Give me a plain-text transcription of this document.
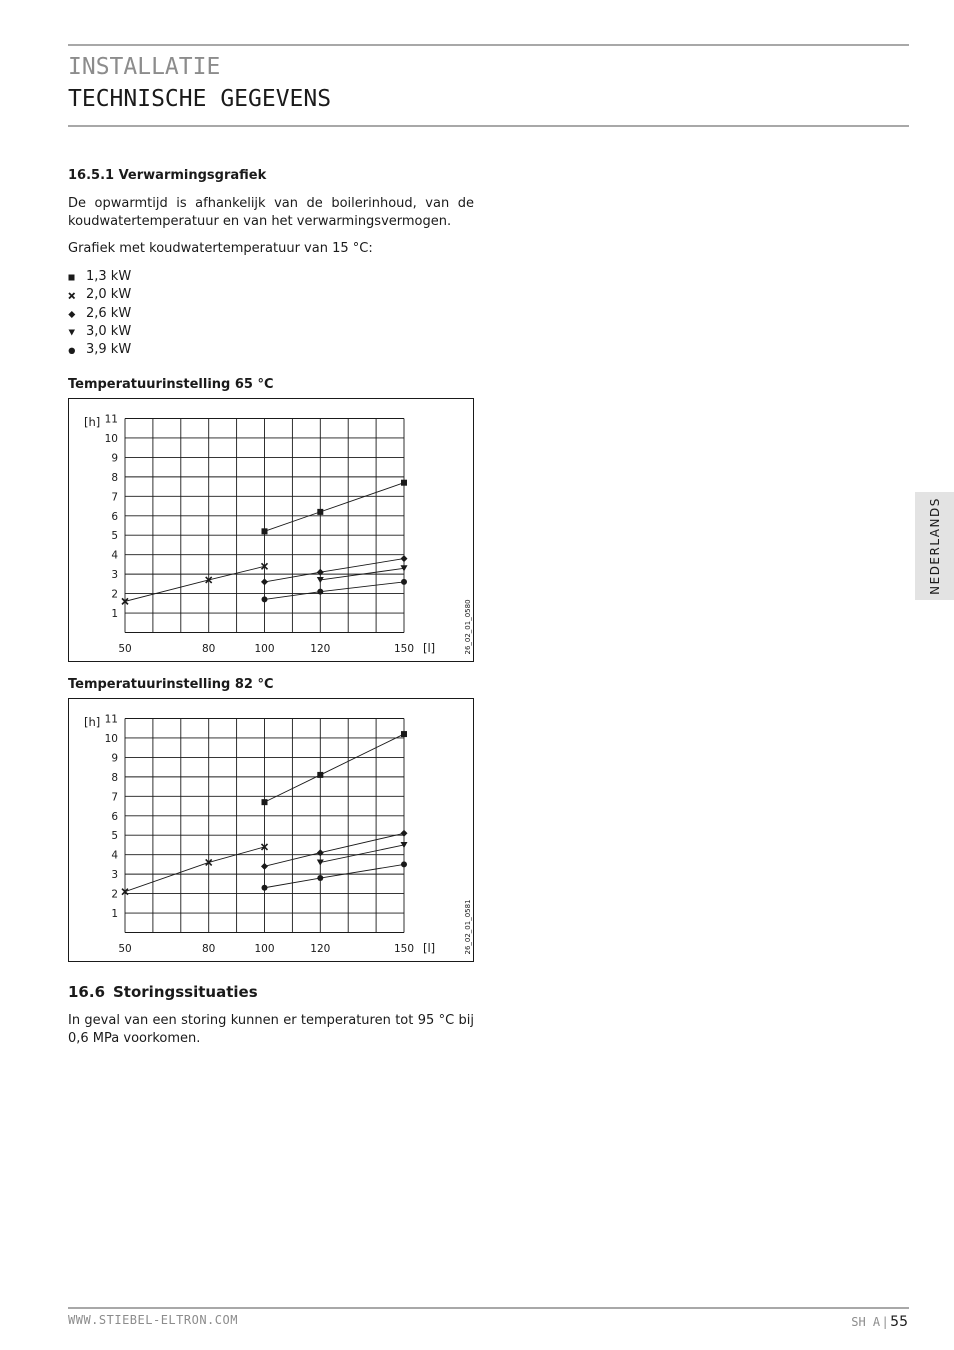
INSTALLATIE
TECHNISCHE GEGEVENS
16.5.1 Verwarmingsgrafiek

De opwarmtijd is afhankelijk van de boilerinhoud, van de koudwatertemperatuur en van het verwarmingsvermogen.

Grafiek met koudwatertemperatuur van 15 °C:

1,3 kW
2,0 kW
2,6 kW
3,0 kW
3,9 kW
Temperatuurinstelling 65 °C
1
2
3
4
5
6
7
8
9
10
11
50	80	100	120	150
[h]
[l]	26_02_01_0580
Temperatuurinstelling 82 °C
1
2
3
4
5
6
7
8
9
10
11
50	80	100	120	150
[h]
[l]	26_02_01_0581
16.6 Storingssituaties

In geval van een storing kunnen er temperaturen tot 95 °C bij 0,6 MPa voorkomen.

NEDERLANDS
WWW.STIEBEL-ELTRON.COM	SH A | 55
